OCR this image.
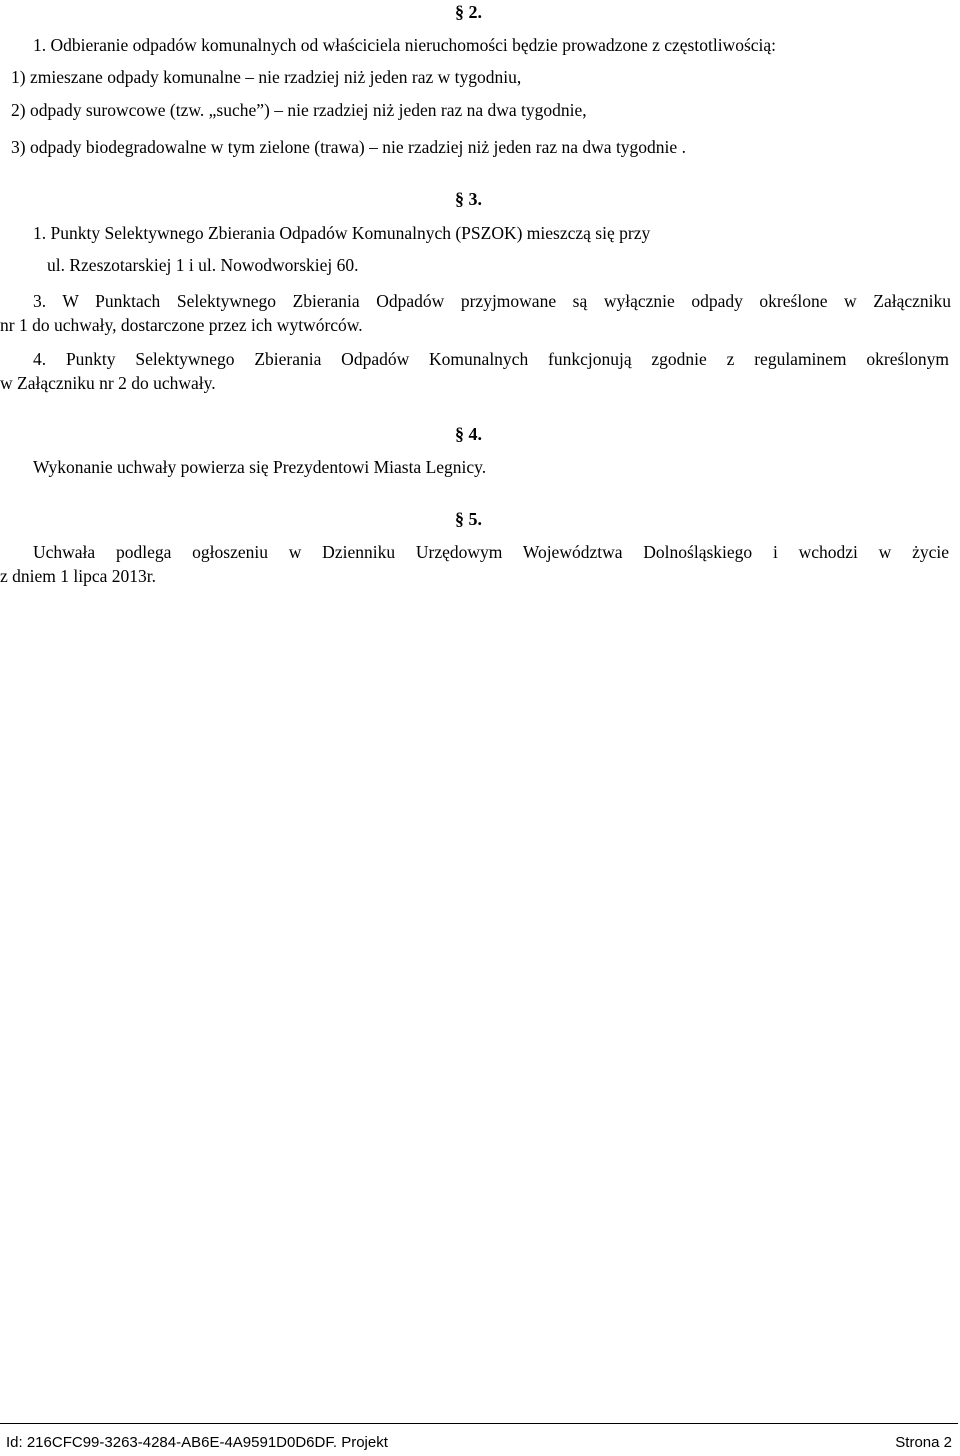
§ 2.
1. Odbieranie odpadów komunalnych od właściciela nieruchomości będzie prowadzone z częstotliwością:
1) zmieszane odpady komunalne – nie rzadziej niż jeden raz w tygodniu,
2) odpady surowcowe (tzw. „suche”) – nie rzadziej niż jeden raz na dwa tygodnie,
3) odpady biodegradowalne w tym zielone (trawa) – nie rzadziej niż jeden raz na dwa tygodnie .
§ 3.
1. Punkty Selektywnego Zbierania Odpadów Komunalnych (PSZOK) mieszczą się przy
ul. Rzeszotarskiej 1 i ul. Nowodworskiej 60.
3. W Punktach Selektywnego Zbierania Odpadów przyjmowane są wyłącznie odpady określone w Załączniku
nr 1 do uchwały, dostarczone przez ich wytwórców.
4. Punkty Selektywnego Zbierania Odpadów Komunalnych funkcjonują zgodnie z regulaminem określonym
w Załączniku nr 2 do uchwały.
§ 4.
Wykonanie uchwały powierza się Prezydentowi Miasta Legnicy.
§ 5.
Uchwała podlega ogłoszeniu w Dzienniku Urzędowym Województwa Dolnośląskiego i wchodzi w życie
z dniem 1 lipca 2013r.
Id: 216CFC99-3263-4284-AB6E-4A9591D0D6DF. Projekt	Strona 2
